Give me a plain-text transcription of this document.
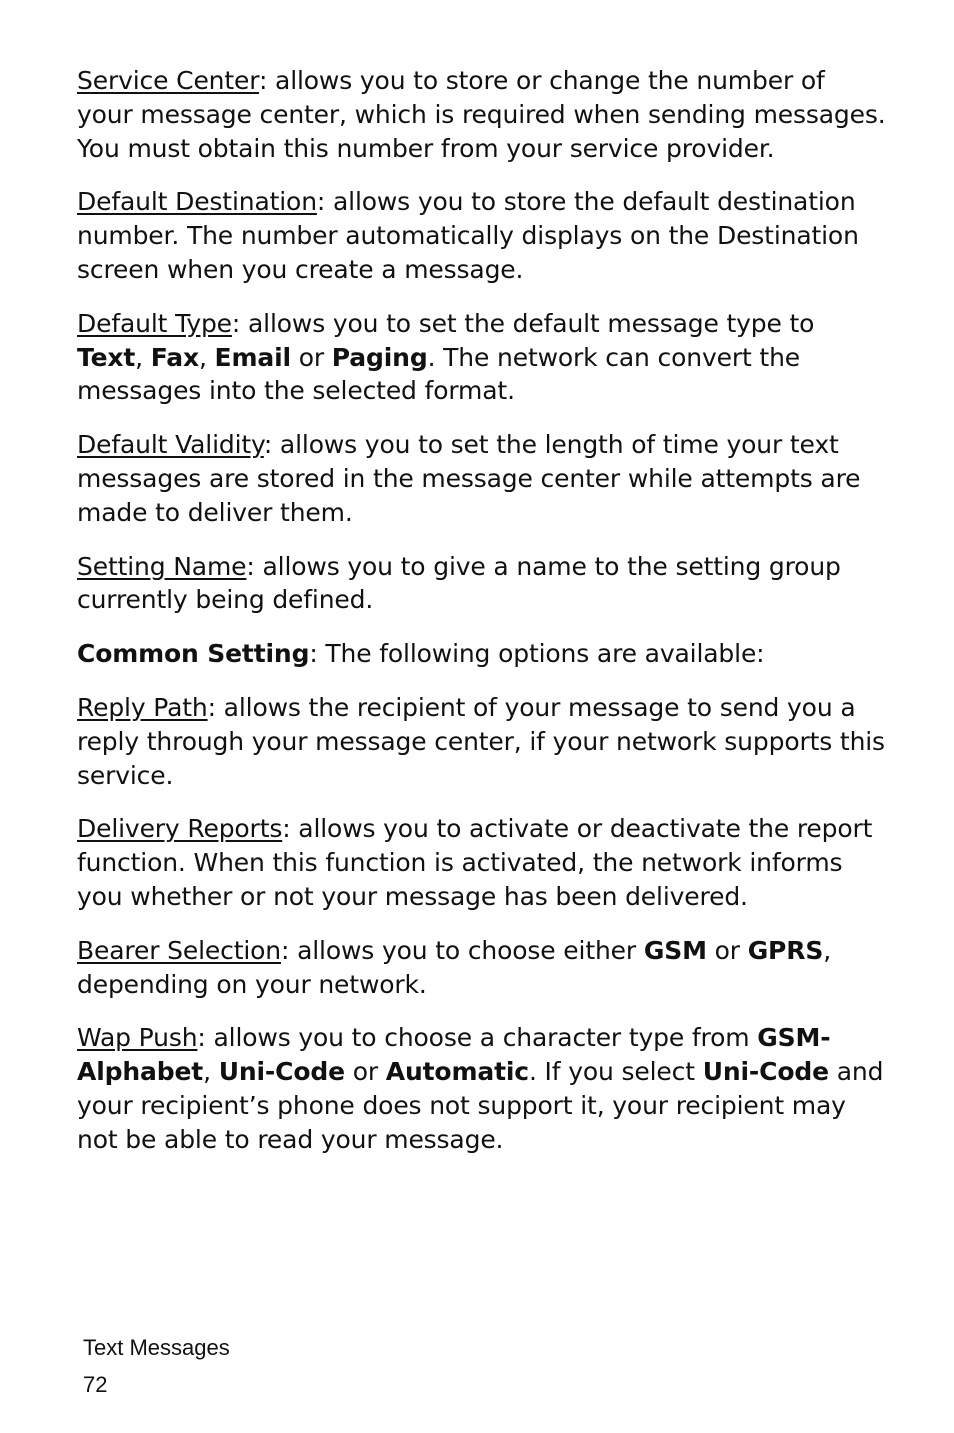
Service Center: allows you to store or change the number of your message center, which is required when sending messages. You must obtain this number from your service provider.

Default Destination: allows you to store the default destination number. The number automatically displays on the Destination screen when you create a message.

Default Type: allows you to set the default message type to Text, Fax, Email or Paging. The network can convert the messages into the selected format.

Default Validity: allows you to set the length of time your text messages are stored in the message center while attempts are made to deliver them.

Setting Name: allows you to give a name to the setting group currently being defined.

Common Setting: The following options are available:

Reply Path: allows the recipient of your message to send you a reply through your message center, if your network supports this service.

Delivery Reports: allows you to activate or deactivate the report function. When this function is activated, the network informs you whether or not your message has been delivered.

Bearer Selection: allows you to choose either GSM or GPRS, depending on your network.

Wap Push: allows you to choose a character type from GSM-Alphabet, Uni-Code or Automatic. If you select Uni-Code and your recipient’s phone does not support it, your recipient may not be able to read your message.

Text Messages
72
